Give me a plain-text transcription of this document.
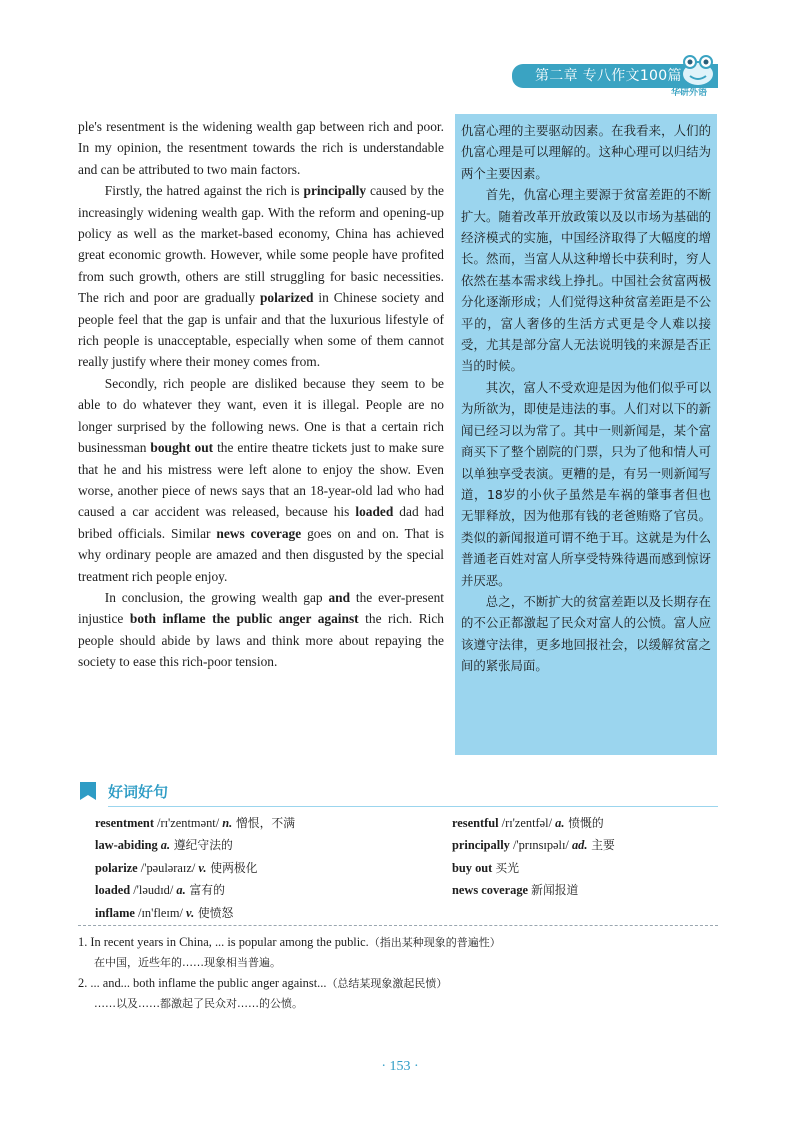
第二章 专八作文100篇
华研外语

ple's resentment is the widening wealth gap between rich and poor. In my opinion, the resentment towards the rich is understandable and can be attributed to two main factors.

Firstly, the hatred against the rich is principally caused by the increasingly widening wealth gap. With the reform and opening-up policy as well as the market-based economy, China has achieved great economic growth. However, while some people have profited from such growth, others are still struggling for basic necessities. The rich and poor are gradually polarized in Chinese society and people feel that the gap is unfair and that the luxurious lifestyle of rich people is unacceptable, especially when some of them cannot really justify where their money comes from.

Secondly, rich people are disliked because they seem to be able to do whatever they want, even it is illegal. People are no longer surprised by the following news. One is that a certain rich businessman bought out the entire theatre tickets just to make sure that he and his mistress were left alone to enjoy the show. Even worse, another piece of news says that an 18-year-old lad who had caused a car accident was released, because his loaded dad had bribed officials. Similar news coverage goes on and on. That is why ordinary people are amazed and then disgusted by the special treatment rich people enjoy.

In conclusion, the growing wealth gap and the ever-present injustice both inflame the public anger against the rich. Rich people should abide by laws and think more about repaying the society to ease this rich-poor tension.

仇富心理的主要驱动因素。在我看来，人们的仇富心理是可以理解的。这种心理可以归结为两个主要因素。

首先，仇富心理主要源于贫富差距的不断扩大。随着改革开放政策以及以市场为基础的经济模式的实施，中国经济取得了大幅度的增长。然而，当富人从这种增长中获利时，穷人依然在基本需求线上挣扎。中国社会贫富两极分化逐渐形成；人们觉得这种贫富差距是不公平的，富人奢侈的生活方式更是令人难以接受，尤其是部分富人无法说明钱的来源是否正当的时候。

其次，富人不受欢迎是因为他们似乎可以为所欲为，即使是违法的事。人们对以下的新闻已经习以为常了。其中一则新闻是，某个富商买下了整个剧院的门票，只为了他和情人可以单独享受表演。更糟的是，有另一则新闻写道，18岁的小伙子虽然是车祸的肇事者但也无罪释放，因为他那有钱的老爸贿赂了官员。类似的新闻报道可谓不绝于耳。这就是为什么普通老百姓对富人所享受特殊待遇而感到惊讶并厌恶。

总之，不断扩大的贫富差距以及长期存在的不公正都激起了民众对富人的公愤。富人应该遵守法律，更多地回报社会，以缓解贫富之间的紧张局面。

好词好句
resentment /rɪ'zentmənt/ n. 憎恨，不满
law-abiding a. 遵纪守法的
polarize /'pəulәraɪz/ v. 使两极化
loaded /'ləudɪd/ a. 富有的
inflame /ɪn'fleɪm/ v. 使愤怒
resentful /rɪ'zentfəl/ a. 愤慨的
principally /'prɪnsɪpəlɪ/ ad. 主要
buy out 买光
news coverage 新闻报道
1. In recent years in China, ... is popular among the public.（指出某种现象的普遍性）
在中国，近些年的……现象相当普遍。
2. ... and... both inflame the public anger against...（总结某现象激起民愤）
……以及……都激起了民众对……的公愤。
· 153 ·
